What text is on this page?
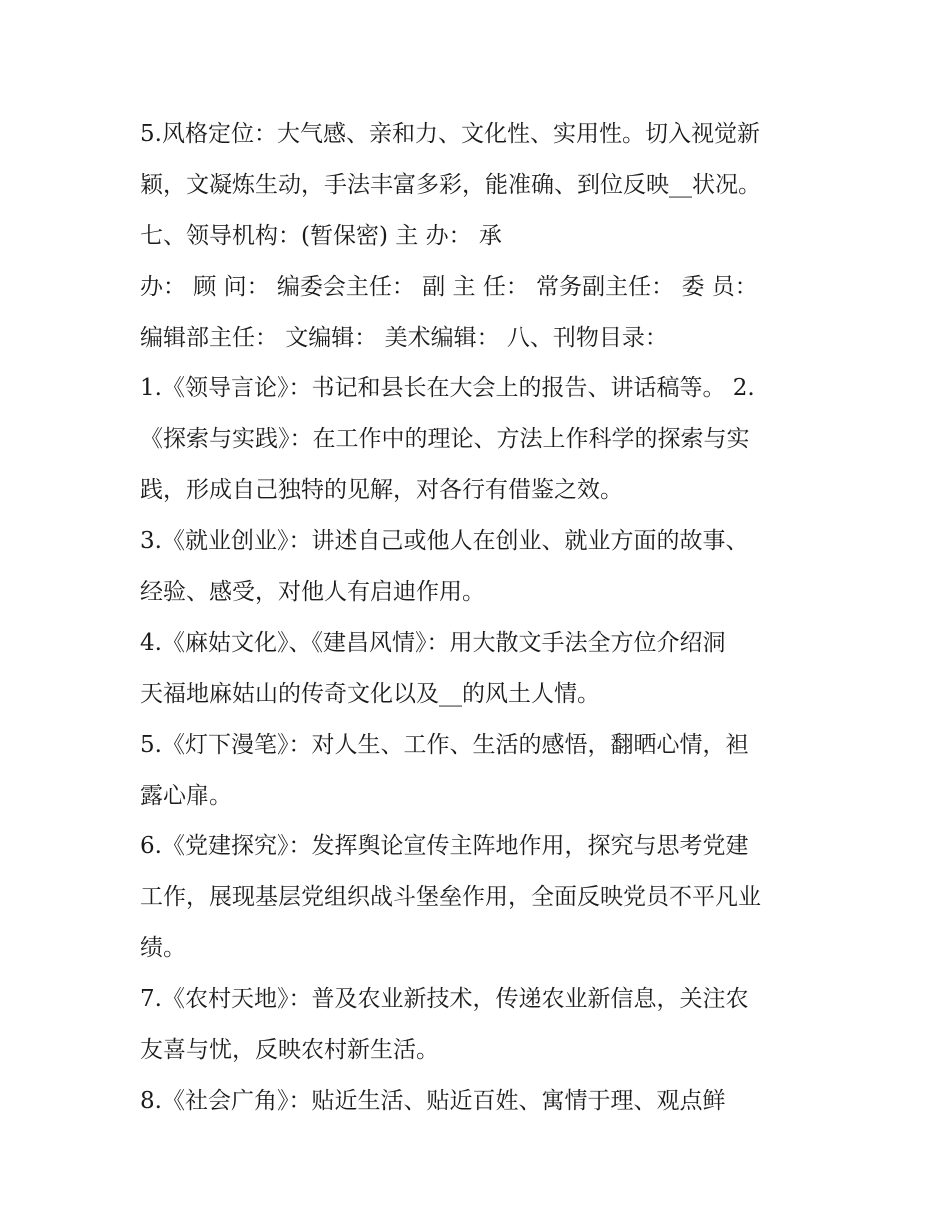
5.风格定位：大气感、亲和力、文化性、实用性。切入视觉新
颖，文凝炼生动，手法丰富多彩，能准确、到位反映__状况。
七、领导机构：(暂保密) 主 办： 承
办： 顾 问： 编委会主任： 副 主 任： 常务副主任： 委 员：
编辑部主任： 文编辑： 美术编辑： 八、刊物目录：
1.《领导言论》：书记和县长在大会上的报告、讲话稿等。 2.
《探索与实践》：在工作中的理论、方法上作科学的探索与实
践，形成自己独特的见解，对各行有借鉴之效。
3.《就业创业》：讲述自己或他人在创业、就业方面的故事、
经验、感受，对他人有启迪作用。
4.《麻姑文化》、《建昌风情》：用大散文手法全方位介绍洞
天福地麻姑山的传奇文化以及__的风土人情。
5.《灯下漫笔》：对人生、工作、生活的感悟，翻晒心情，袒
露心扉。
6.《党建探究》：发挥舆论宣传主阵地作用，探究与思考党建
工作，展现基层党组织战斗堡垒作用，全面反映党员不平凡业
绩。
7.《农村天地》：普及农业新技术，传递农业新信息，关注农
友喜与忧，反映农村新生活。
8.《社会广角》：贴近生活、贴近百姓、寓情于理、观点鲜
